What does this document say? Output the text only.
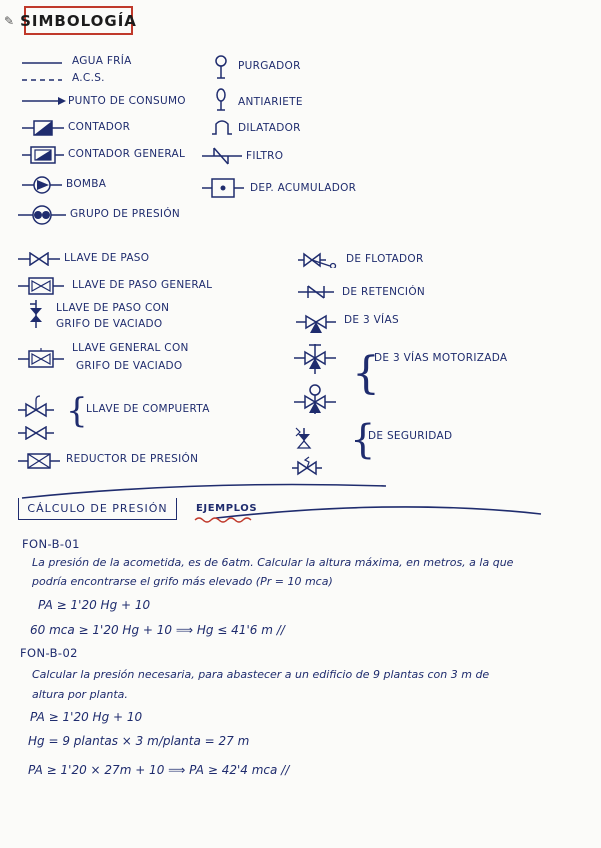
✎ SIMBOLOGÍA
AGUA FRÍA
A.C.S.
PUNTO DE CONSUMO
CONTADOR
CONTADOR GENERAL
BOMBA
GRUPO DE PRESIÓN
PURGADOR
ANTIARIETE
DILATADOR
FILTRO
DEP. ACUMULADOR
LLAVE DE PASO
LLAVE DE PASO GENERAL
LLAVE DE PASO CON
GRIFO DE VACIADO
LLAVE GENERAL CON
GRIFO DE VACIADO
{
LLAVE DE COMPUERTA
REDUCTOR DE PRESIÓN
DE FLOTADOR
DE RETENCIÓN
DE 3 VÍAS
{
DE 3 VÍAS MOTORIZADA
{
DE SEGURIDAD
CÁLCULO DE PRESIÓN	EJEMPLOS
FON-B-01
La presión de la acometida, es de 6atm. Calcular la altura máxima, en metros, a la que
podría encontrarse el grifo más elevado (Pr = 10 mca)
PA ≥ 1'20 Hg + 10
60 mca ≥ 1'20 Hg + 10 ⟹ Hg ≤ 41'6 m //
FON-B-02
Calcular la presión necesaria, para abastecer a un edificio de 9 plantas con 3 m de
altura por planta.
PA ≥ 1'20 Hg + 10
Hg = 9 plantas × 3 m/planta = 27 m
PA ≥ 1'20 × 27m + 10 ⟹ PA ≥ 42'4 mca //
